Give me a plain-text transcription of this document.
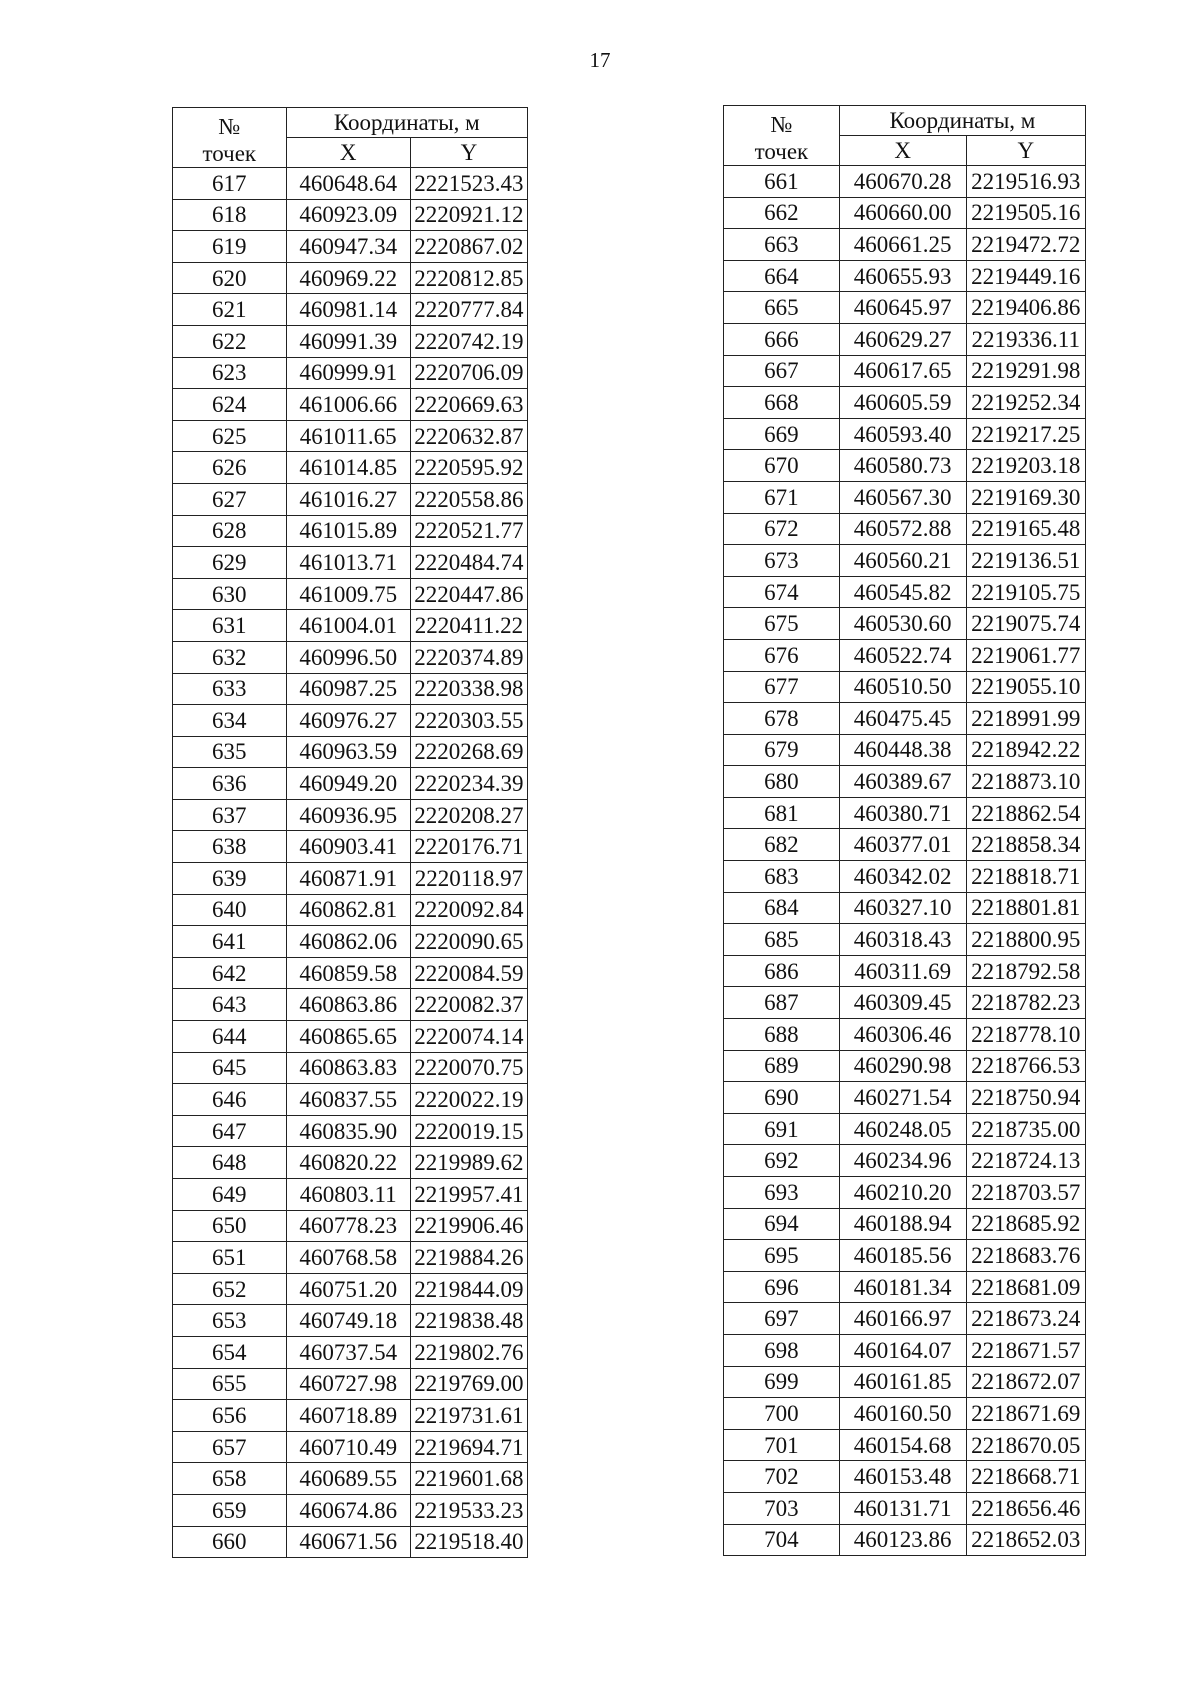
17
№
точек	Координаты, м	
	X	Y
617	460648.64	2221523.43
618	460923.09	2220921.12
619	460947.34	2220867.02
620	460969.22	2220812.85
621	460981.14	2220777.84
622	460991.39	2220742.19
623	460999.91	2220706.09
624	461006.66	2220669.63
625	461011.65	2220632.87
626	461014.85	2220595.92
627	461016.27	2220558.86
628	461015.89	2220521.77
629	461013.71	2220484.74
630	461009.75	2220447.86
631	461004.01	2220411.22
632	460996.50	2220374.89
633	460987.25	2220338.98
634	460976.27	2220303.55
635	460963.59	2220268.69
636	460949.20	2220234.39
637	460936.95	2220208.27
638	460903.41	2220176.71
639	460871.91	2220118.97
640	460862.81	2220092.84
641	460862.06	2220090.65
642	460859.58	2220084.59
643	460863.86	2220082.37
644	460865.65	2220074.14
645	460863.83	2220070.75
646	460837.55	2220022.19
647	460835.90	2220019.15
648	460820.22	2219989.62
649	460803.11	2219957.41
650	460778.23	2219906.46
651	460768.58	2219884.26
652	460751.20	2219844.09
653	460749.18	2219838.48
654	460737.54	2219802.76
655	460727.98	2219769.00
656	460718.89	2219731.61
657	460710.49	2219694.71
658	460689.55	2219601.68
659	460674.86	2219533.23
660	460671.56	2219518.40
№
точек	Координаты, м	
	X	Y
661	460670.28	2219516.93
662	460660.00	2219505.16
663	460661.25	2219472.72
664	460655.93	2219449.16
665	460645.97	2219406.86
666	460629.27	2219336.11
667	460617.65	2219291.98
668	460605.59	2219252.34
669	460593.40	2219217.25
670	460580.73	2219203.18
671	460567.30	2219169.30
672	460572.88	2219165.48
673	460560.21	2219136.51
674	460545.82	2219105.75
675	460530.60	2219075.74
676	460522.74	2219061.77
677	460510.50	2219055.10
678	460475.45	2218991.99
679	460448.38	2218942.22
680	460389.67	2218873.10
681	460380.71	2218862.54
682	460377.01	2218858.34
683	460342.02	2218818.71
684	460327.10	2218801.81
685	460318.43	2218800.95
686	460311.69	2218792.58
687	460309.45	2218782.23
688	460306.46	2218778.10
689	460290.98	2218766.53
690	460271.54	2218750.94
691	460248.05	2218735.00
692	460234.96	2218724.13
693	460210.20	2218703.57
694	460188.94	2218685.92
695	460185.56	2218683.76
696	460181.34	2218681.09
697	460166.97	2218673.24
698	460164.07	2218671.57
699	460161.85	2218672.07
700	460160.50	2218671.69
701	460154.68	2218670.05
702	460153.48	2218668.71
703	460131.71	2218656.46
704	460123.86	2218652.03
